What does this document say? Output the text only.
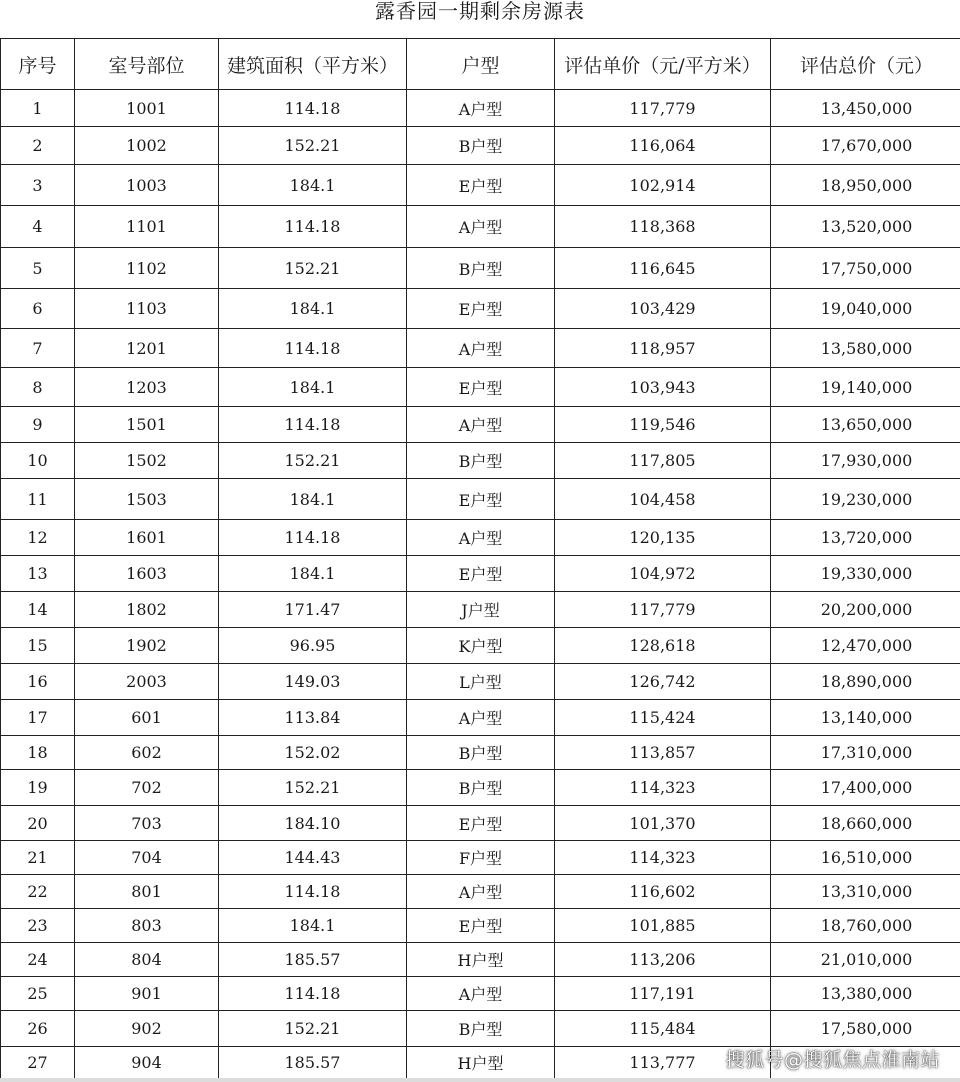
露香园一期剩余房源表
序号	室号部位	建筑面积（平方米）	户型	评估单价（元/平方米）	评估总价（元）
1	1001	114.18	A户型	117,779	13,450,000
2	1002	152.21	B户型	116,064	17,670,000
3	1003	184.1	E户型	102,914	18,950,000
4	1101	114.18	A户型	118,368	13,520,000
5	1102	152.21	B户型	116,645	17,750,000
6	1103	184.1	E户型	103,429	19,040,000
7	1201	114.18	A户型	118,957	13,580,000
8	1203	184.1	E户型	103,943	19,140,000
9	1501	114.18	A户型	119,546	13,650,000
10	1502	152.21	B户型	117,805	17,930,000
11	1503	184.1	E户型	104,458	19,230,000
12	1601	114.18	A户型	120,135	13,720,000
13	1603	184.1	E户型	104,972	19,330,000
14	1802	171.47	J户型	117,779	20,200,000
15	1902	96.95	K户型	128,618	12,470,000
16	2003	149.03	L户型	126,742	18,890,000
17	601	113.84	A户型	115,424	13,140,000
18	602	152.02	B户型	113,857	17,310,000
19	702	152.21	B户型	114,323	17,400,000
20	703	184.10	E户型	101,370	18,660,000
21	704	144.43	F户型	114,323	16,510,000
22	801	114.18	A户型	116,602	13,310,000
23	803	184.1	E户型	101,885	18,760,000
24	804	185.57	H户型	113,206	21,010,000
25	901	114.18	A户型	117,191	13,380,000
26	902	152.21	B户型	115,484	17,580,000
27	904	185.57	H户型	113,777	搜狐号@搜狐焦点淮南站
